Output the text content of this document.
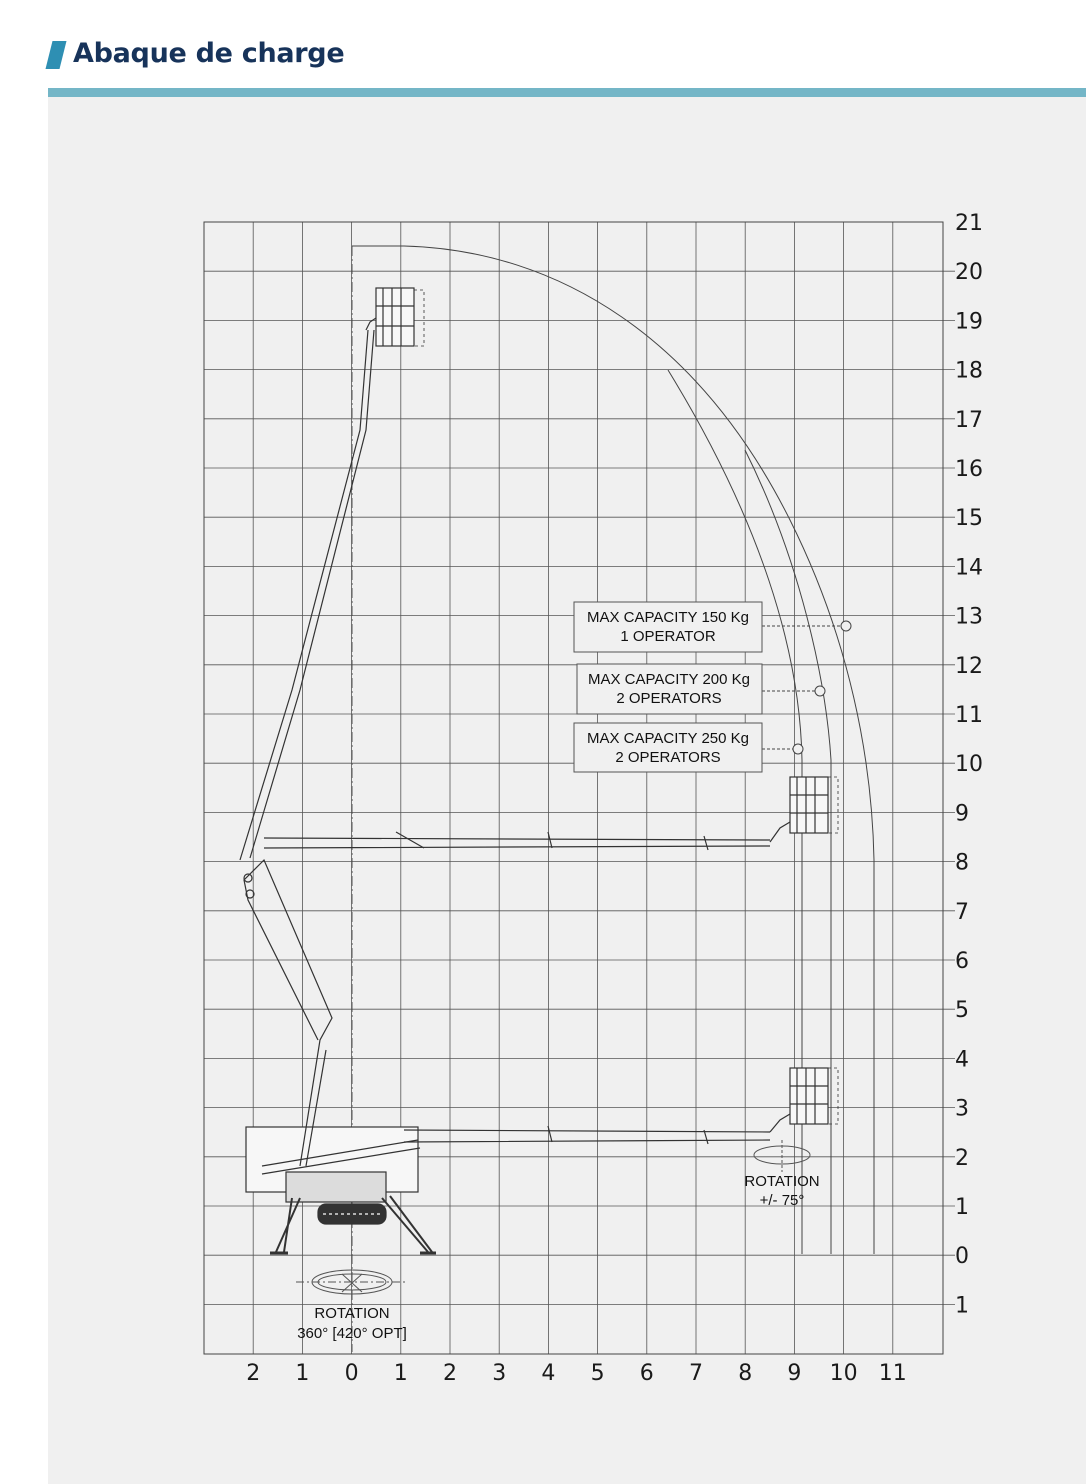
Abaque de charge
MAX CAPACITY 150 Kg
1 OPERATOR
MAX CAPACITY 200 Kg
2 OPERATORS
MAX CAPACITY 250 Kg
2 OPERATORS
ROTATION
+/- 75°
ROTATION
360° [420° OPT]
21
20
19
18
17
16
15
14
13
12
11
10
9
8
7
6
5
4
3
2
1
0
1
2 1 0 1 2 3 4 5 6 7 8 9 10 11
